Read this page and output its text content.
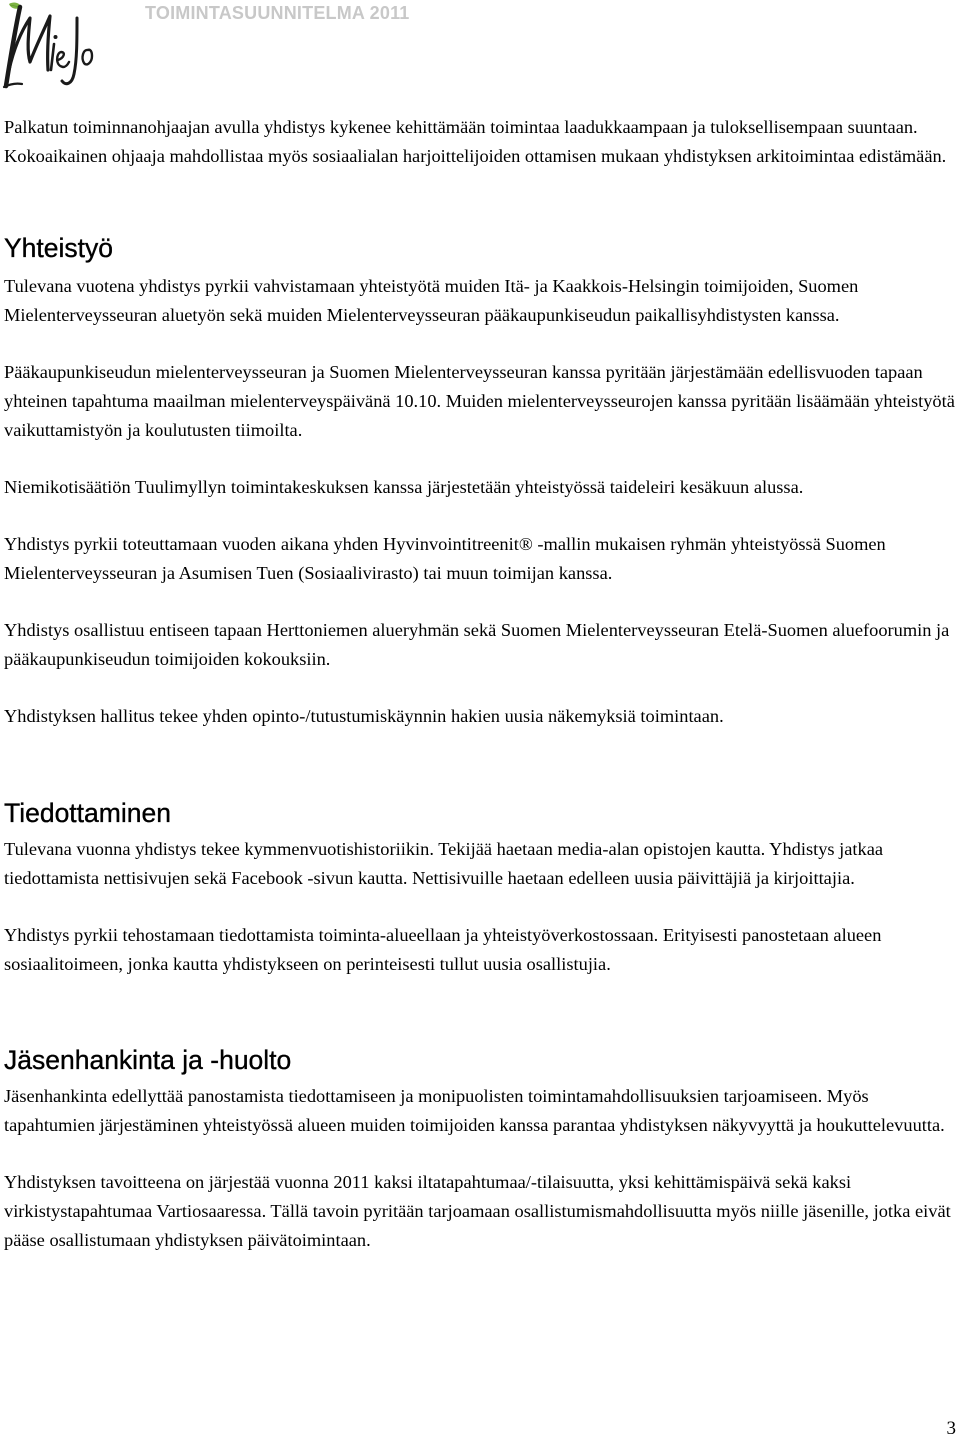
TOIMINTASUUNNITELMA 2011

Palkatun toiminnanohjaajan avulla yhdistys kykenee kehittämään toimintaa laadukkaampaan ja tuloksellisempaan suuntaan. Kokoaikainen ohjaaja mahdollistaa myös sosiaalialan harjoittelijoiden ottamisen mukaan yhdistyksen arkitoimintaa edistämään.

Yhteistyö

Tulevana vuotena yhdistys pyrkii vahvistamaan yhteistyötä muiden Itä- ja Kaakkois-Helsingin toimijoiden, Suomen Mielenterveysseuran aluetyön sekä muiden Mielenterveysseuran pääkaupunkiseudun paikallisyhdistysten kanssa.

Pääkaupunkiseudun mielenterveysseuran ja Suomen Mielenterveysseuran kanssa pyritään järjestämään edellisvuoden tapaan yhteinen tapahtuma maailman mielenterveyspäivänä 10.10. Muiden mielenterveysseurojen kanssa pyritään lisäämään yhteistyötä vaikuttamistyön ja koulutusten tiimoilta.

Niemikotisäätiön Tuulimyllyn toimintakeskuksen kanssa järjestetään yhteistyössä taideleiri kesäkuun alussa.

Yhdistys pyrkii toteuttamaan vuoden aikana yhden Hyvinvointitreenit® -mallin mukaisen ryhmän yhteistyössä Suomen Mielenterveysseuran ja Asumisen Tuen (Sosiaalivirasto) tai muun toimijan kanssa.

Yhdistys osallistuu entiseen tapaan Herttoniemen alueryhmän sekä Suomen Mielenterveysseuran Etelä-Suomen aluefoorumin ja pääkaupunkiseudun toimijoiden kokouksiin.

Yhdistyksen hallitus tekee yhden opinto-/tutustumiskäynnin hakien uusia näkemyksiä toimintaan.

Tiedottaminen

Tulevana vuonna yhdistys tekee kymmenvuotishistoriikin. Tekijää haetaan media-alan opistojen kautta. Yhdistys jatkaa tiedottamista nettisivujen sekä Facebook -sivun kautta. Nettisivuille haetaan edelleen uusia päivittäjiä ja kirjoittajia.

Yhdistys pyrkii tehostamaan tiedottamista toiminta-alueellaan ja yhteistyöverkostossaan. Erityisesti panostetaan alueen sosiaalitoimeen, jonka kautta yhdistykseen on perinteisesti tullut uusia osallistujia.

Jäsenhankinta ja -huolto

Jäsenhankinta edellyttää panostamista tiedottamiseen ja monipuolisten toimintamahdollisuuksien tarjoamiseen. Myös tapahtumien järjestäminen yhteistyössä alueen muiden toimijoiden kanssa parantaa yhdistyksen näkyvyyttä ja houkuttelevuutta.

Yhdistyksen tavoitteena on järjestää vuonna 2011 kaksi iltatapahtumaa/-tilaisuutta, yksi kehittämispäivä sekä kaksi virkistystapahtumaa Vartiosaaressa. Tällä tavoin pyritään tarjoamaan osallistumismahdollisuutta myös niille jäsenille, jotka eivät pääse osallistumaan yhdistyksen päivätoimintaan.

3
